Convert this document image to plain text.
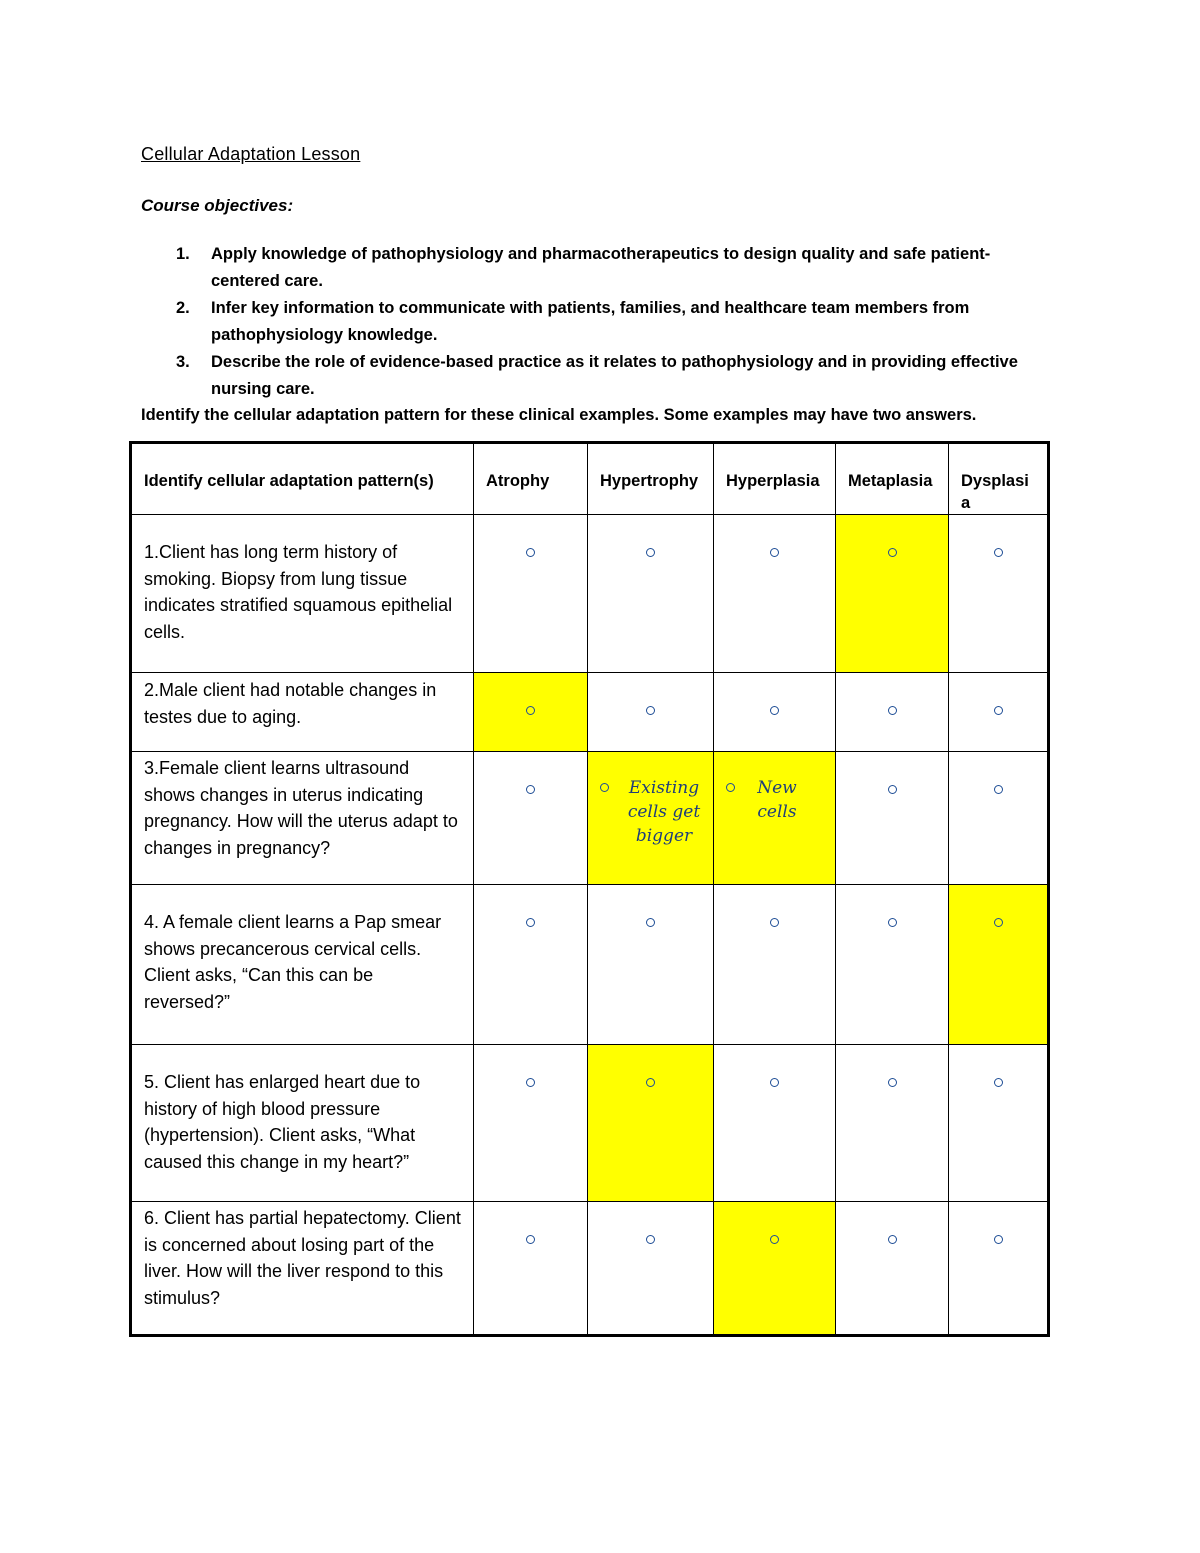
Cellular Adaptation Lesson
Course objectives:
1.	Apply knowledge of pathophysiology and pharmacotherapeutics to design quality and safe patient-centered care.
2.	Infer key information to communicate with patients, families, and healthcare team members from pathophysiology knowledge.
3.	Describe the role of evidence-based practice as it relates to pathophysiology and in providing effective nursing care.
Identify the cellular adaptation pattern for these clinical examples. Some examples may have two answers.
Identify cellular adaptation pattern(s)	Atrophy	Hypertrophy	Hyperplasia	Metaplasia	Dysplasia
1.Client has long term history of smoking. Biopsy from lung tissue indicates stratified squamous epithelial cells.					
2.Male client had notable changes in testes due to aging.					
3.Female client learns ultrasound shows changes in uterus indicating pregnancy. How will the uterus adapt to changes in pregnancy?		Existing cells get bigger	New cells		

4. A female client learns a Pap smear shows precancerous cervical cells. Client asks, “Can this can be reversed?”					
5. Client has enlarged heart due to history of high blood pressure (hypertension). Client asks, “What caused this change in my heart?”					
6. Client has partial hepatectomy. Client is concerned about losing part of the liver. How will the liver respond to this stimulus?					
